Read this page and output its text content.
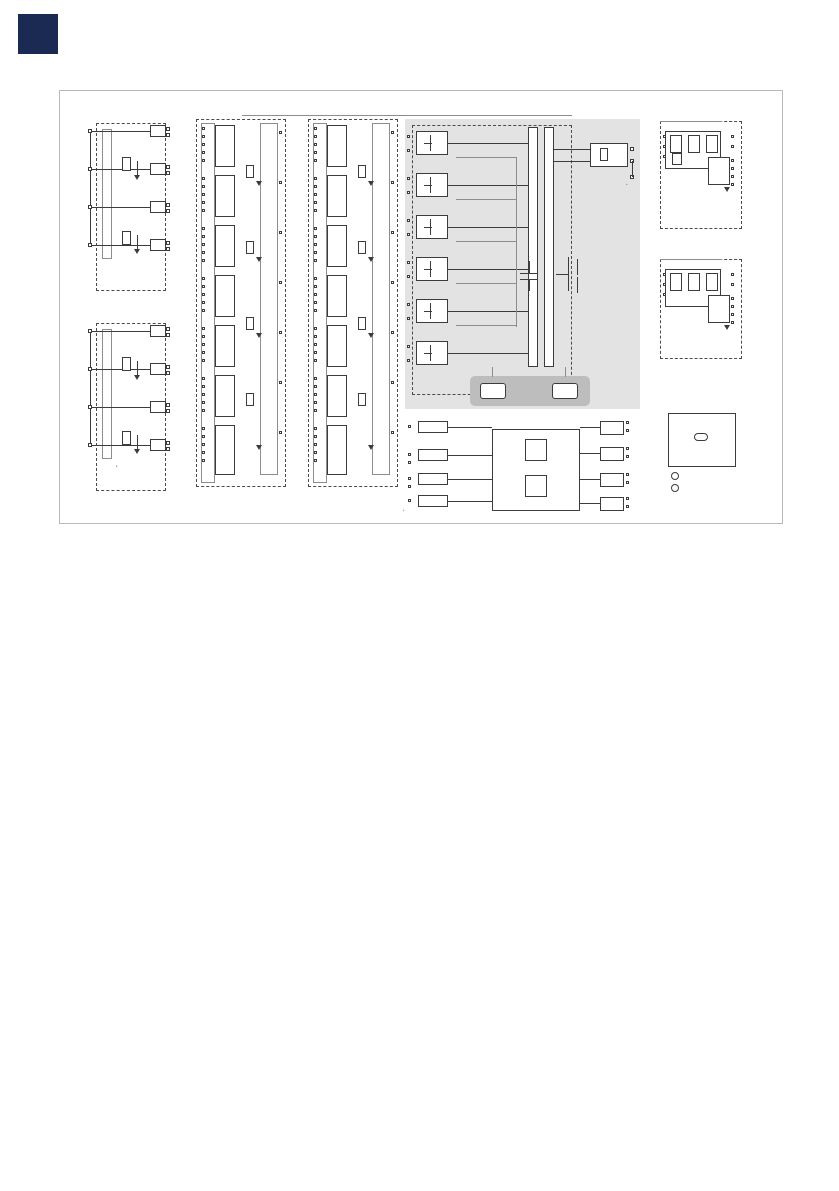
L
+
⏚
